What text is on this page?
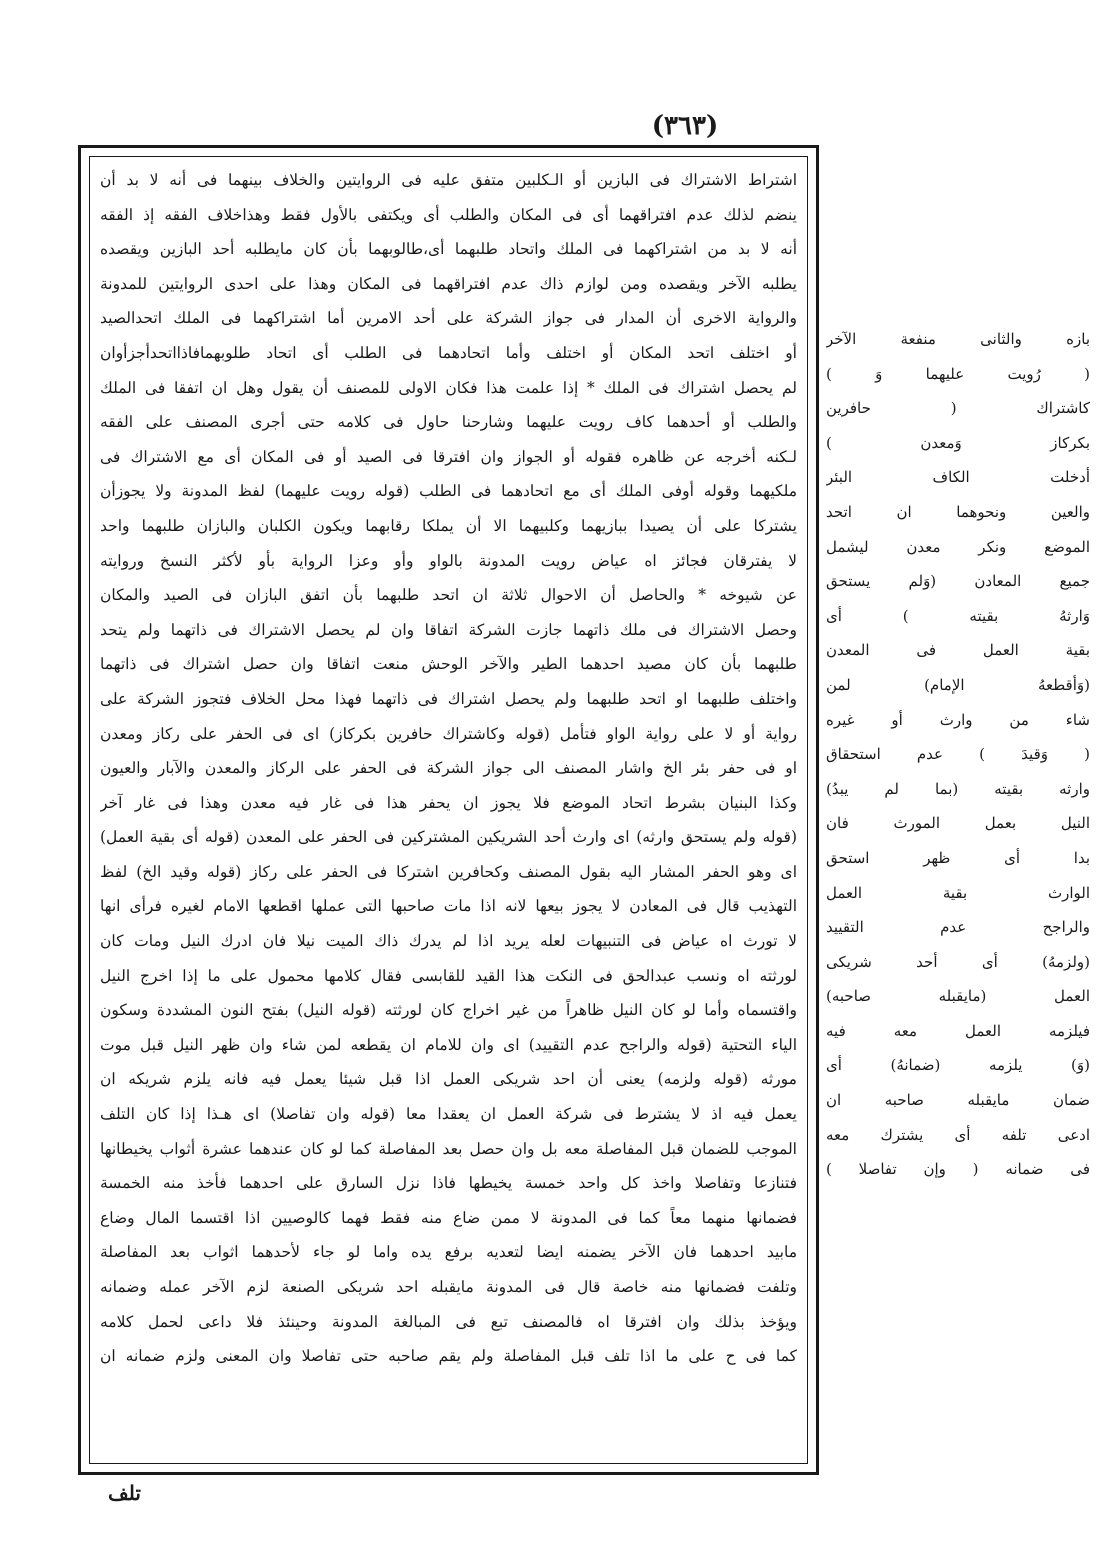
(٣٦٣)
اشتراط الاشتراك فى البازين أو الـكلبين متفق عليه فى الروايتين والخلاف بينهما فى أنه لا بد أن
ينضم لذلك عدم افتراقهما أى فى المكان والطلب أى ويكتفى بالأول فقط وهذاخلاف الفقه إذ الفقه
أنه لا بد من اشتراكهما فى الملك واتحاد طلبهما أى،طالوبهما بأن كان مايطلبه أحد البازين ويقصده
يطلبه الآخر ويقصده ومن لوازم ذاك عدم افتراقهما فى المكان وهذا على احدى الروايتين للمدونة
والرواية الاخرى أن المدار فى جواز الشركة على أحد الامرين أما اشتراكهما فى الملك اتحدالصيد
أو اختلف اتحد المكان أو اختلف وأما اتحادهما فى الطلب أى اتحاد طلوبهمافاذااتحدأجزأوان
لم يحصل اشتراك فى الملك * إذا علمت هذا فكان الاولى للمصنف أن يقول وهل ان اتفقا فى الملك
والطلب أو أحدهما كاف رويت عليهما وشارحنا حاول فى كلامه حتى أجرى المصنف على الفقه
لـكنه أخرجه عن ظاهره فقوله أو الجواز وان افترقا فى الصيد أو فى المكان أى مع الاشتراك فى
ملكيهما وقوله أوفى الملك أى مع اتحادهما فى الطلب (قوله رويت عليهما) لفظ المدونة ولا يجوزأن
يشتركا على أن يصيدا ببازيهما وكلبيهما الا أن يملكا رقابهما ويكون الكلبان والبازان طلبهما واحد
لا يفترقان فجائز اه عياض رويت المدونة بالواو وأو وعزا الرواية بأو لأكثر النسخ وروايته
عن شيوخه * والحاصل أن الاحوال ثلاثة ان اتحد طلبهما بأن اتفق البازان فى الصيد والمكان
وحصل الاشتراك فى ملك ذاتهما جازت الشركة اتفاقا وان لم يحصل الاشتراك فى ذاتهما ولم يتحد
طلبهما بأن كان مصيد احدهما الطير والآخر الوحش منعت اتفاقا وان حصل اشتراك فى ذاتهما
واختلف طلبهما او اتحد طلبهما ولم يحصل اشتراك فى ذاتهما فهذا محل الخلاف فتجوز الشركة على
رواية أو لا على رواية الواو فتأمل (قوله وكاشتراك حافرين بكركاز) اى فى الحفر على ركاز ومعدن
او فى حفر بئر الخ واشار المصنف الى جواز الشركة فى الحفر على الركاز والمعدن والآبار والعيون
وكذا البنيان بشرط اتحاد الموضع فلا يجوز ان يحفر هذا فى غار فيه معدن وهذا فى غار آخر
(قوله ولم يستحق وارثه) اى وارث أحد الشريكين المشتركين فى الحفر على المعدن (قوله أى بقية العمل)
اى وهو الحفر المشار اليه بقول المصنف وكحافرين اشتركا فى الحفر على ركاز (قوله وقيد الخ) لفظ
التهذيب قال فى المعادن لا يجوز بيعها لانه اذا مات صاحبها التى عملها اقطعها الامام لغيره فرأى انها
لا تورث اه عياض فى التنبيهات لعله يريد اذا لم يدرك ذاك الميت نيلا فان ادرك النيل ومات كان
لورثته اه ونسب عبدالحق فى النكت هذا القيد للقابسى فقال كلامها محمول على ما إذا اخرج النيل
واقتسماه وأما لو كان النيل ظاهراً من غير اخراج كان لورثته (قوله النيل) بفتح النون المشددة وسكون
الياء التحتية (قوله والراجح عدم التقييد) اى وان للامام ان يقطعه لمن شاء وان ظهر النيل قبل موت
مورثه (قوله ولزمه) يعنى أن احد شريكى العمل اذا قبل شيئا يعمل فيه فانه يلزم شريكه ان
يعمل فيه اذ لا يشترط فى شركة العمل ان يعقدا معا (قوله وان تفاصلا) اى هـذا إذا كان التلف
الموجب للضمان قبل المفاصلة معه بل وان حصل بعد المفاصلة كما لو كان عندهما عشرة أثواب يخيطانها
فتنازعا وتفاصلا واخذ كل واحد خمسة يخيطها فاذا نزل السارق على احدهما فأخذ منه الخمسة
فضمانها منهما معاً كما فى المدونة لا ممن ضاع منه فقط فهما كالوصيين اذا اقتسما المال وضاع
مابيد احدهما فان الآخر يضمنه ايضا لتعديه برفع يده واما لو جاء لأحدهما اثواب بعد المفاصلة
وتلفت فضمانها منه خاصة قال فى المدونة مايقبله احد شريكى الصنعة لزم الآخر عمله وضمانه
ويؤخذ بذلك وان افترقا اه فالمصنف تبع فى المبالغة المدونة وحينئذ فلا داعى لحمل كلامه
كما فى ح على ما اذا تلف قبل المفاصلة ولم يقم صاحبه حتى تفاصلا وان المعنى ولزم ضمانه ان
بازه والثانى منفعة الآخر
( رُويت عليهما وَ )
كاشتراك ( حافرين
بكركاز وَمعدن )
أدخلت الكاف البئر
والعين ونحوهما ان اتحد
الموضع ونكر معدن ليشمل
جميع المعادن (وَلم يستحق
وَارثهُ بقيته ) أى
بقية العمل فى المعدن
(وَأقطعهُ الإمام) لمن
شاء من وارث أو غيره
( وَقيدَ ) عدم استحقاق
وارثه بقيته (بما لم يبدُ)
النيل بعمل المورث فان
بدا أى ظهر استحق
الوارث بقية العمل
والراجح عدم التقييد
(ولزمهُ) أى أحد شريكى
العمل (مايقبله صاحبه)
فيلزمه العمل معه فيه
(وَ) يلزمه (ضمانهُ) أى
ضمان مايقبله صاحبه ان
ادعى تلفه أى يشترك معه
فى ضمانه ( وإن تفاصلا )
تلف
